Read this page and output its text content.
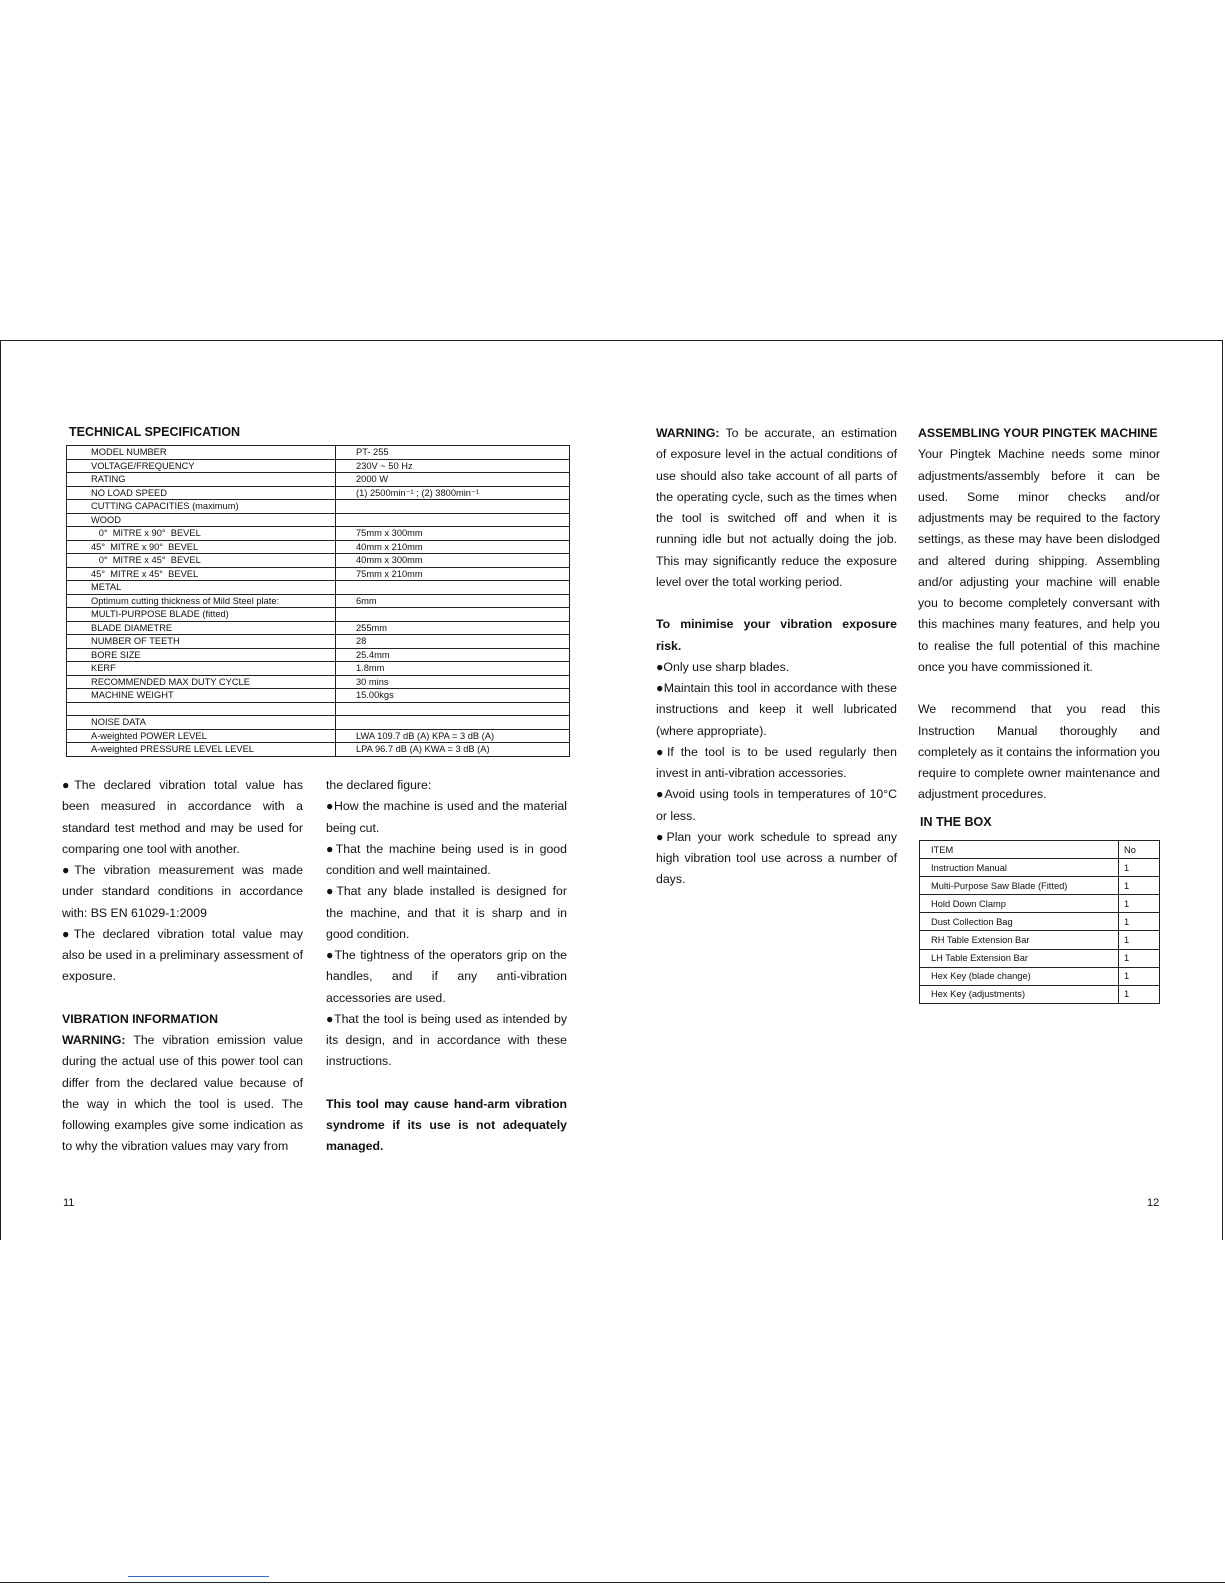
TECHNICAL SPECIFICATION
MODEL NUMBER	PT- 255
VOLTAGE/FREQUENCY	230V ~ 50 Hz
RATING	2000 W
NO LOAD SPEED	(1) 2500min⁻¹ ; (2) 3800min⁻¹
CUTTING CAPACITIES (maximum)	
WOOD	
0°  MITRE x 90°  BEVEL	75mm x 300mm
45°  MITRE x 90°  BEVEL	40mm x 210mm
0°  MITRE x 45°  BEVEL	40mm x 300mm
45°  MITRE x 45°  BEVEL	75mm x 210mm
METAL	
Optimum cutting thickness of Mild Steel plate:	6mm
MULTI-PURPOSE BLADE (fitted)	
BLADE DIAMETRE	255mm
NUMBER OF TEETH	28
BORE SIZE	25.4mm
KERF	1.8mm
RECOMMENDED MAX DUTY CYCLE	30 mins
MACHINE WEIGHT	15.00kgs

NOISE DATA	
A-weighted POWER LEVEL	LWA 109.7 dB (A) KPA = 3 dB (A)
A-weighted PRESSURE LEVEL LEVEL	LPA 96.7 dB (A) KWA = 3 dB (A)

●The declared vibration total value has been measured in accordance with a standard test method and may be used for comparing one tool with another.

●The vibration measurement was made under standard conditions in accordance with: BS EN 61029-1:2009

●The declared vibration total value may also be used in a preliminary assessment of exposure.

VIBRATION INFORMATION

WARNING: The vibration emission value during the actual use of this power tool can differ from the declared value because of the way in which the tool is used. The following examples give some indication as to why the vibration values may vary from

the declared figure:

●How the machine is used and the material being cut.

●That the machine being used is in good condition and well maintained.

●That any blade installed is designed for the machine, and that it is sharp and in good condition.

●The tightness of the operators grip on the handles, and if any anti-vibration accessories are used.

●That the tool is being used as intended by its design, and in accordance with these instructions.

This tool may cause hand-arm vibration syndrome if its use is not adequately managed.

11

WARNING: To be accurate, an estimation of exposure level in the actual conditions of use should also take account of all parts of the operating cycle, such as the times when the tool is switched off and when it is running idle but not actually doing the job. This may significantly reduce the exposure level over the total working period.

To minimise your vibration exposure risk.

●Only use sharp blades.

●Maintain this tool in accordance with these instructions and keep it well lubricated (where appropriate).

●If the tool is to be used regularly then invest in anti-vibration accessories.

●Avoid using tools in temperatures of 10°C or less.

●Plan your work schedule to spread any high vibration tool use across a number of days.

ASSEMBLING YOUR PINGTEK MACHINE

Your Pingtek Machine needs some minor adjustments/assembly before it can be used. Some minor checks and/or adjustments may be required to the factory settings, as these may have been dislodged and altered during shipping. Assembling and/or adjusting your machine will enable you to become completely conversant with this machines many features, and help you to realise the full potential of this machine once you have commissioned it.

We recommend that you read this Instruction Manual thoroughly and completely as it contains the information you require to complete owner maintenance and adjustment procedures.

IN THE BOX
ITEM	No
Instruction Manual	1
Multi-Purpose Saw Blade (Fitted)	1
Hold Down Clamp	1
Dust Collection Bag	1
RH Table Extension Bar	1
LH Table Extension Bar	1
Hex Key (blade change)	1
Hex Key (adjustments)	1
12
